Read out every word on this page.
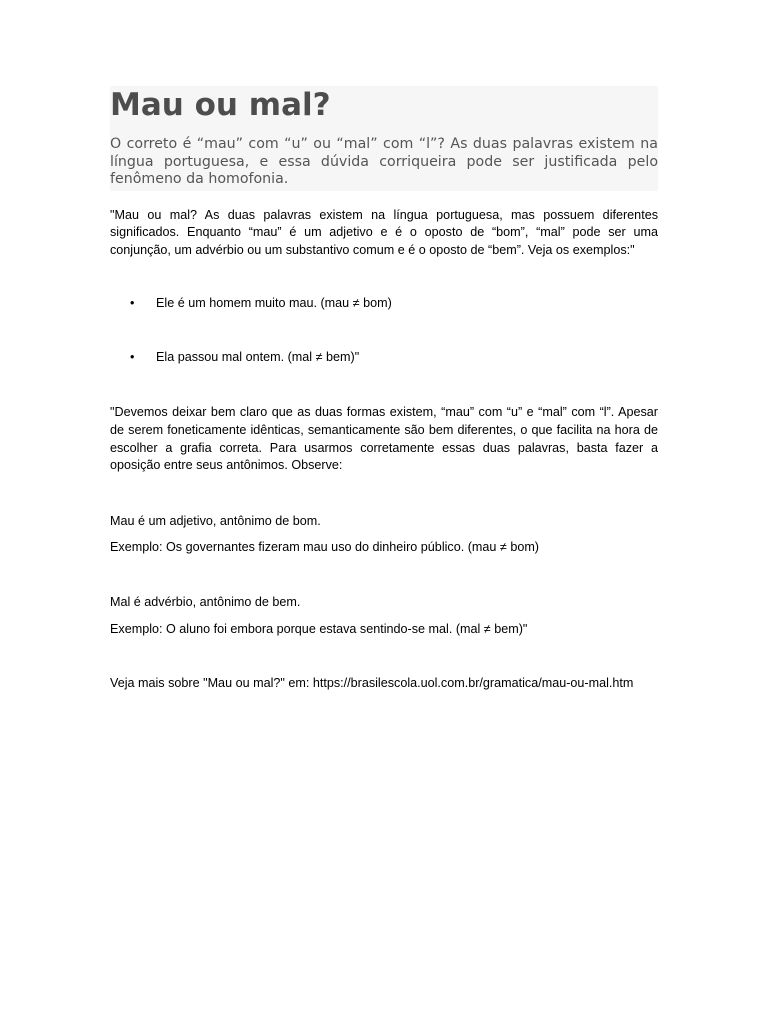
Mau ou mal?

O correto é “mau” com “u” ou “mal” com “l”? As duas palavras existem na língua portuguesa, e essa dúvida corriqueira pode ser justificada pelo fenômeno da homofonia.

"Mau ou mal? As duas palavras existem na língua portuguesa, mas possuem diferentes significados. Enquanto “mau” é um adjetivo e é o oposto de “bom”, “mal” pode ser uma conjunção, um advérbio ou um substantivo comum e é o oposto de “bem”. Veja os exemplos:"

• Ele é um homem muito mau. (mau ≠ bom)
• Ela passou mal ontem. (mal ≠ bem)"

"Devemos deixar bem claro que as duas formas existem, “mau” com “u” e “mal” com “l”. Apesar de serem foneticamente idênticas, semanticamente são bem diferentes, o que facilita na hora de escolher a grafia correta. Para usarmos corretamente essas duas palavras, basta fazer a oposição entre seus antônimos. Observe:

Mau é um adjetivo, antônimo de bom.

Exemplo: Os governantes fizeram mau uso do dinheiro público. (mau ≠ bom)

Mal é advérbio, antônimo de bem.

Exemplo: O aluno foi embora porque estava sentindo-se mal. (mal ≠ bem)"

Veja mais sobre "Mau ou mal?" em: https://brasilescola.uol.com.br/gramatica/mau-ou-mal.htm
